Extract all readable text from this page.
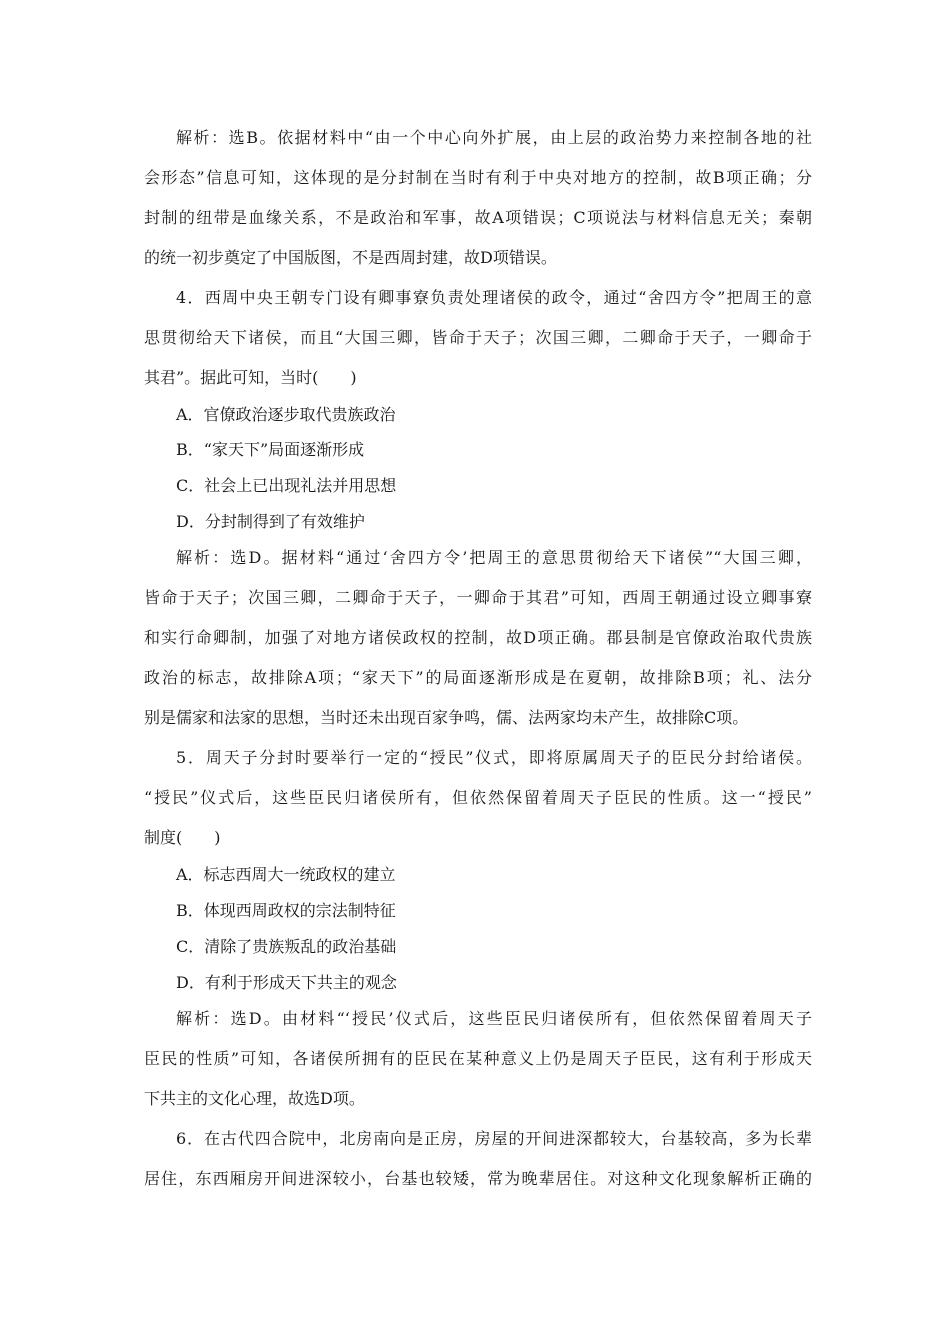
解析：选B。依据材料中“由一个中心向外扩展，由上层的政治势力来控制各地的社
会形态”信息可知，这体现的是分封制在当时有利于中央对地方的控制，故B项正确；分
封制的纽带是血缘关系，不是政治和军事，故A项错误；C项说法与材料信息无关；秦朝
的统一初步奠定了中国版图，不是西周封建，故D项错误。
4．西周中央王朝专门设有卿事寮负责处理诸侯的政令，通过“舍四方令”把周王的意
思贯彻给天下诸侯，而且“大国三卿，皆命于天子；次国三卿，二卿命于天子，一卿命于
其君”。据此可知，当时(　　)
A．官僚政治逐步取代贵族政治
B．“家天下”局面逐渐形成
C．社会上已出现礼法并用思想
D．分封制得到了有效维护
解析：选D。据材料“通过‘舍四方令’把周王的意思贯彻给天下诸侯”“大国三卿，
皆命于天子；次国三卿，二卿命于天子，一卿命于其君”可知，西周王朝通过设立卿事寮
和实行命卿制，加强了对地方诸侯政权的控制，故D项正确。郡县制是官僚政治取代贵族
政治的标志，故排除A项；“家天下”的局面逐渐形成是在夏朝，故排除B项；礼、法分
别是儒家和法家的思想，当时还未出现百家争鸣，儒、法两家均未产生，故排除C项。
5．周天子分封时要举行一定的“授民”仪式，即将原属周天子的臣民分封给诸侯。
“授民”仪式后，这些臣民归诸侯所有，但依然保留着周天子臣民的性质。这一“授民”
制度(　　)
A．标志西周大一统政权的建立
B．体现西周政权的宗法制特征
C．清除了贵族叛乱的政治基础
D．有利于形成天下共主的观念
解析：选D。由材料“‘授民’仪式后，这些臣民归诸侯所有，但依然保留着周天子
臣民的性质”可知，各诸侯所拥有的臣民在某种意义上仍是周天子臣民，这有利于形成天
下共主的文化心理，故选D项。
6．在古代四合院中，北房南向是正房，房屋的开间进深都较大，台基较高，多为长辈
居住，东西厢房开间进深较小，台基也较矮，常为晚辈居住。对这种文化现象解析正确的
